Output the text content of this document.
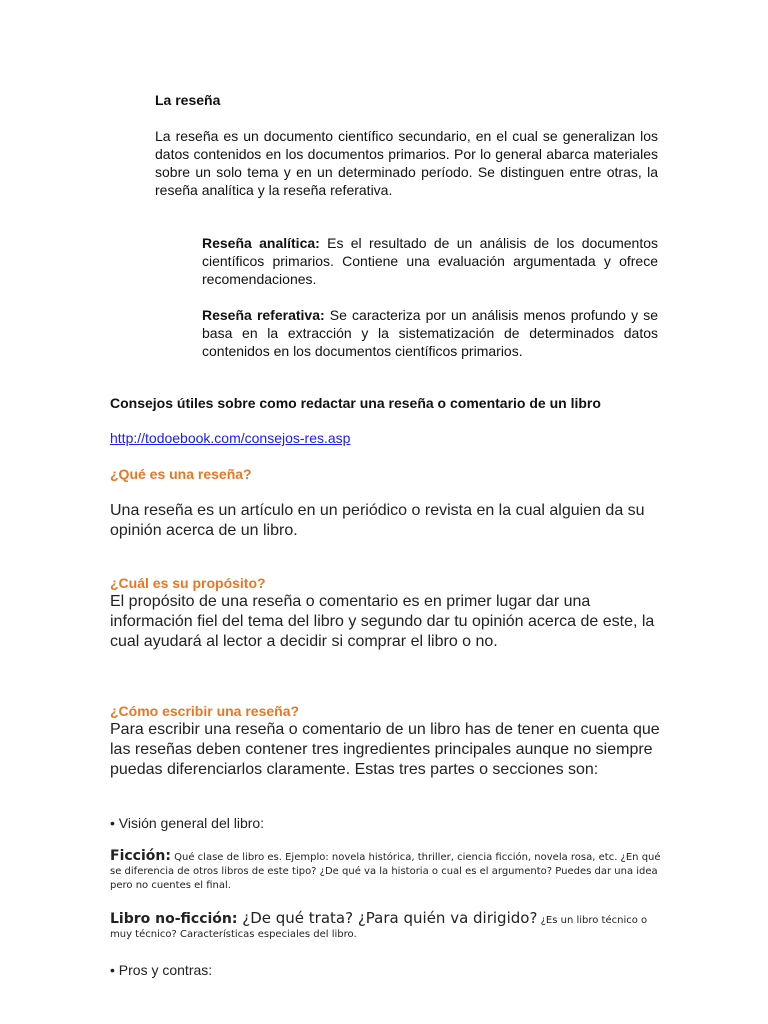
La reseña

La reseña es un documento científico secundario, en el cual se generalizan los datos contenidos en los documentos primarios. Por lo general abarca materiales sobre un solo tema y en un determinado período. Se distinguen entre otras, la reseña analítica y la reseña referativa.

Reseña analítica: Es el resultado de un análisis de los documentos científicos primarios. Contiene una evaluación argumentada y ofrece recomendaciones.

Reseña referativa: Se caracteriza por un análisis menos profundo y se basa en la extracción y la sistematización de determinados datos contenidos en los documentos científicos primarios.

Consejos útiles sobre como redactar una reseña o comentario de un libro

http://todoebook.com/consejos-res.asp

¿Qué es una reseña?

Una reseña es un artículo en un periódico o revista en la cual alguien da su opinión acerca de un libro.

¿Cuál es su propósito?

El propósito de una reseña o comentario es en primer lugar dar una información fiel del tema del libro y segundo dar tu opinión acerca de este, la cual ayudará al lector a decidir si comprar el libro o no.

¿Cómo escribir una reseña?

Para escribir una reseña o comentario de un libro has de tener en cuenta que las reseñas deben contener tres ingredientes principales aunque no siempre puedas diferenciarlos claramente. Estas tres partes o secciones son:

• Visión general del libro:

Ficción: Qué clase de libro es. Ejemplo: novela histórica, thriller, ciencia ficción, novela rosa, etc. ¿En qué se diferencia de otros libros de este tipo? ¿De qué va la historia o cual es el argumento? Puedes dar una idea pero no cuentes el final.

Libro no-ficción: ¿De qué trata? ¿Para quién va dirigido? ¿Es un libro técnico o muy técnico? Características especiales del libro.

• Pros y contras:
